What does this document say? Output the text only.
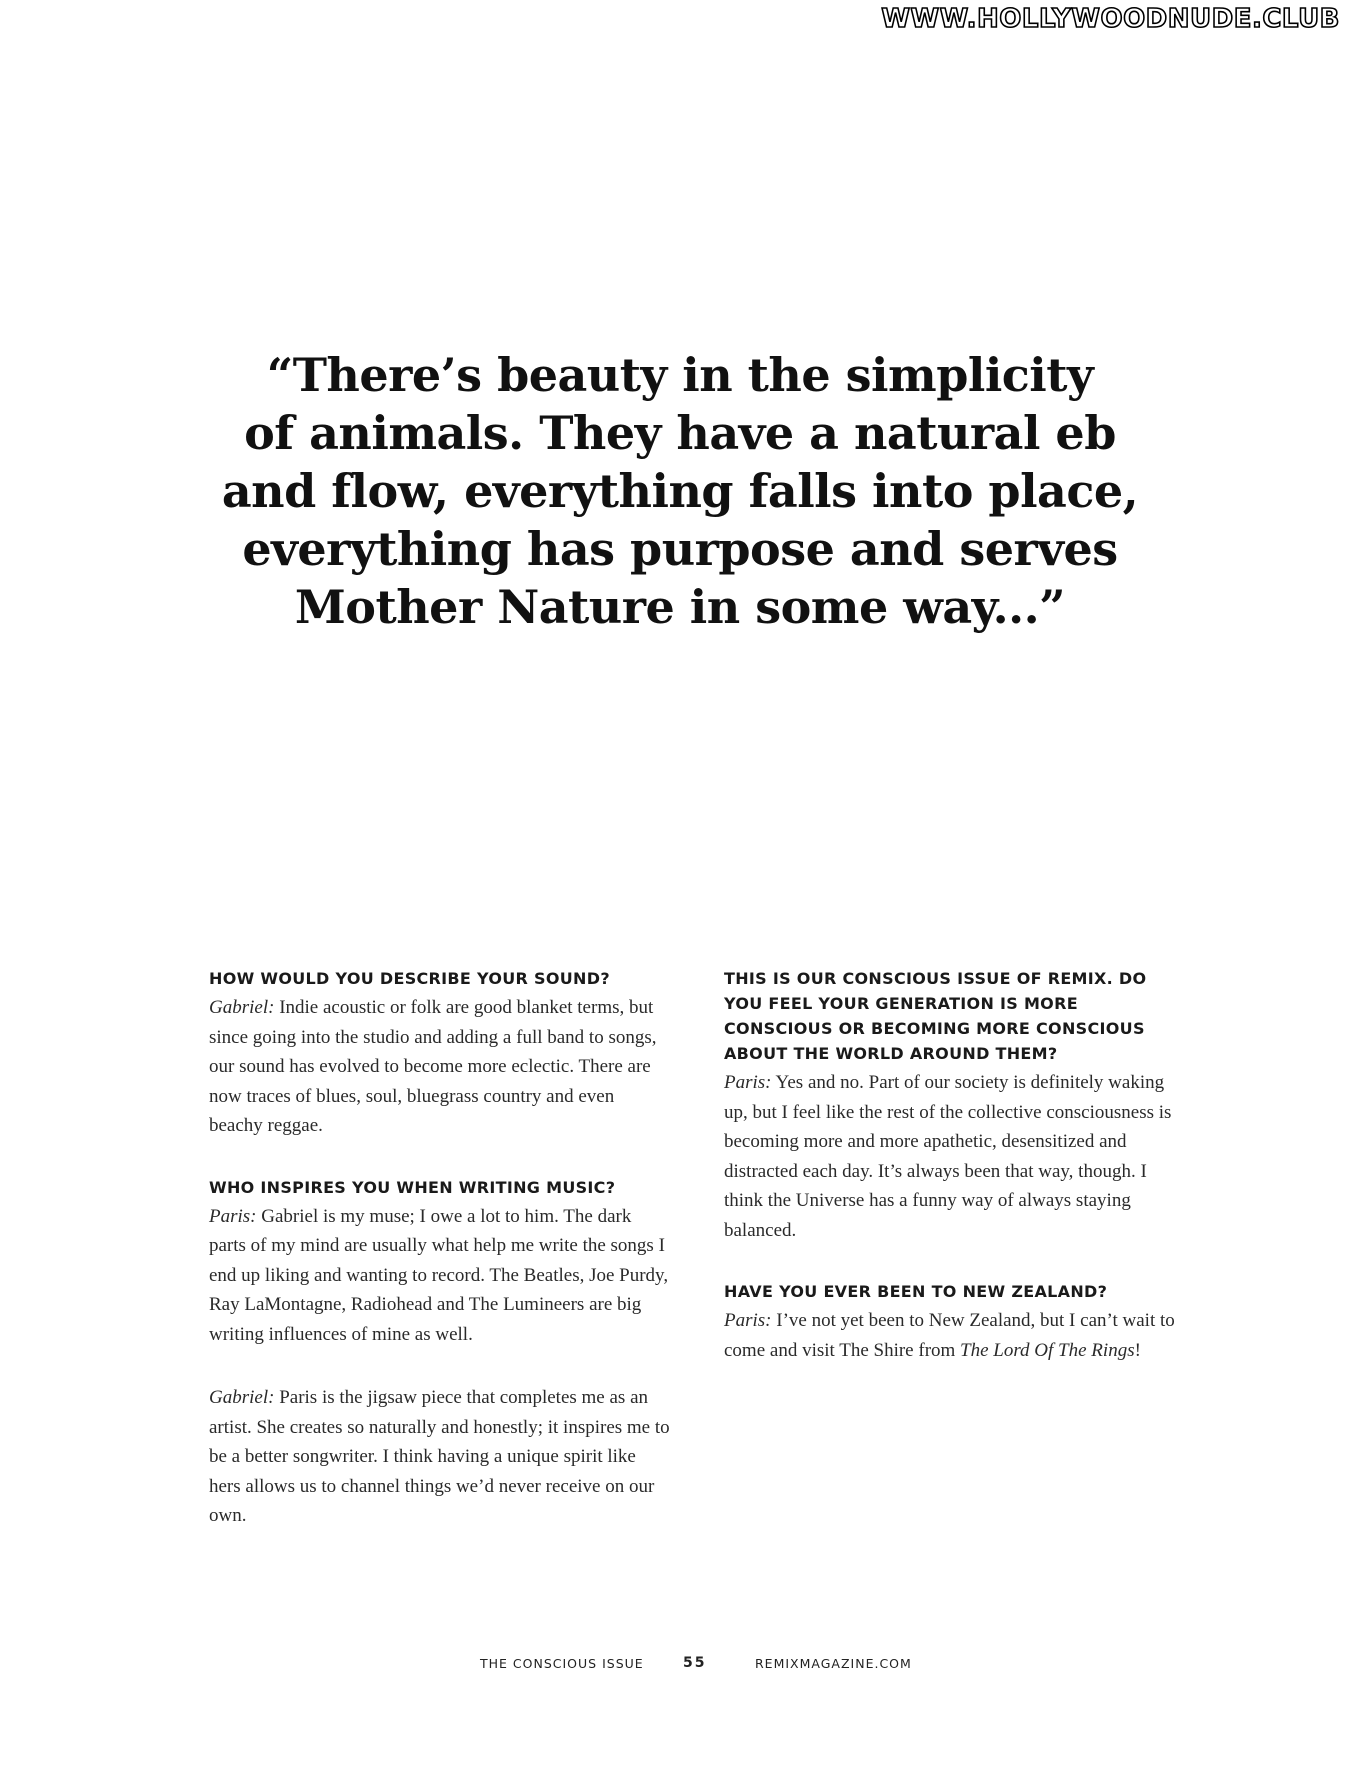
WWW.HOLLYWOODNUDE.CLUB
“There’s beauty in the simplicity
of animals. They have a natural eb
and flow, everything falls into place,
everything has purpose and serves
Mother Nature in some way...”

HOW WOULD YOU DESCRIBE YOUR SOUND?

Gabriel: Indie acoustic or folk are good blanket terms, but since going into the studio and adding a full band to songs, our sound has evolved to become more eclectic. There are now traces of blues, soul, bluegrass country and even beachy reggae.

WHO INSPIRES YOU WHEN WRITING MUSIC?

Paris: Gabriel is my muse; I owe a lot to him. The dark parts of my mind are usually what help me write the songs I end up liking and wanting to record. The Beatles, Joe Purdy, Ray LaMontagne, Radiohead and The Lumineers are big writing influences of mine as well.

Gabriel: Paris is the jigsaw piece that completes me as an artist. She creates so naturally and honestly; it inspires me to be a better songwriter. I think having a unique spirit like hers allows us to channel things we’d never receive on our own.

THIS IS OUR CONSCIOUS ISSUE OF REMIX. DO YOU FEEL YOUR GENERATION IS MORE CONSCIOUS OR BECOMING MORE CONSCIOUS ABOUT THE WORLD AROUND THEM?

Paris: Yes and no. Part of our society is definitely waking up, but I feel like the rest of the collective consciousness is becoming more and more apathetic, desensitized and distracted each day. It’s always been that way, though. I think the Universe has a funny way of always staying balanced.

HAVE YOU EVER BEEN TO NEW ZEALAND?

Paris: I’ve not yet been to New Zealand, but I can’t wait to come and visit The Shire from The Lord Of The Rings!

THE CONSCIOUS ISSUE	55	REMIXMAGAZINE.COM
